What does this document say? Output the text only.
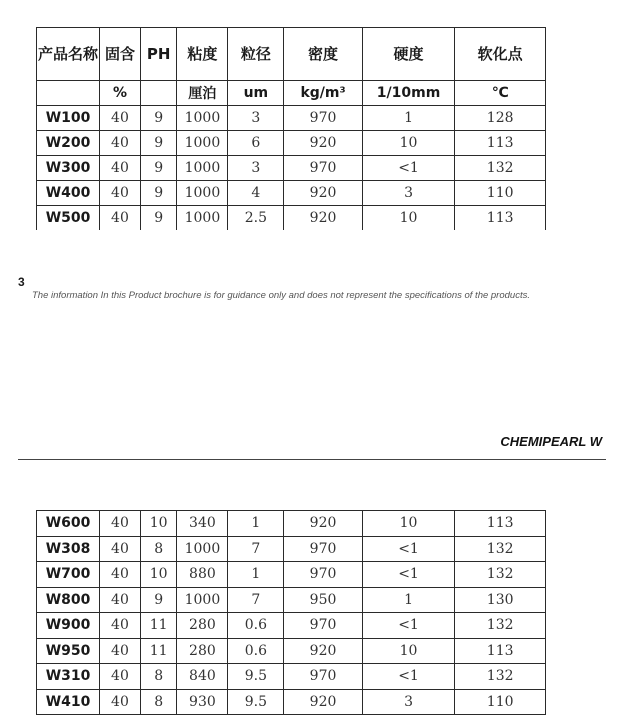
产品名称	固含	PH	粘度	粒径	密度	硬度	软化点
	%		厘泊	um	kg/m³	1/10mm	℃
W100	40	9	1000	3	970	1	128
W200	40	9	1000	6	920	10	113
W300	40	9	1000	3	970	<1	132
W400	40	9	1000	4	920	3	110
W500	40	9	1000	2.5	920	10	113
3
The information In this Product brochure is for guidance only and does not represent the specifications of the products.
CHEMIPEARL W
W600	40	10	340	1	920	10	113
W308	40	8	1000	7	970	<1	132
W700	40	10	880	1	970	<1	132
W800	40	9	1000	7	950	1	130
W900	40	11	280	0.6	970	<1	132
W950	40	11	280	0.6	920	10	113
W310	40	8	840	9.5	970	<1	132
W410	40	8	930	9.5	920	3	110
